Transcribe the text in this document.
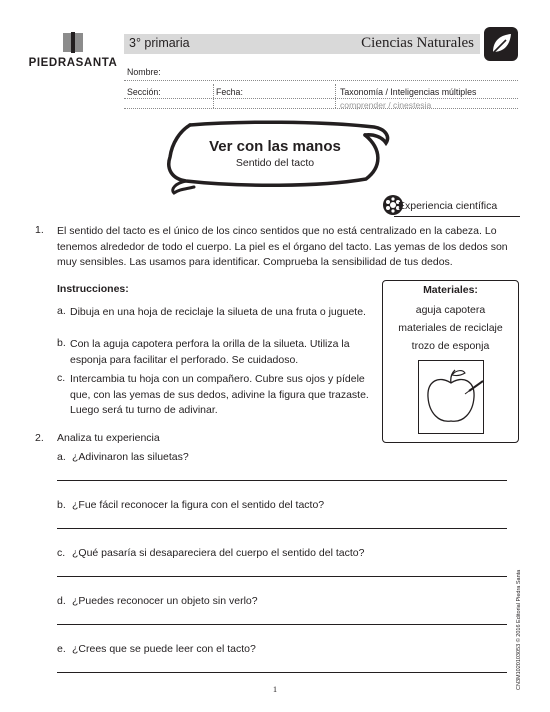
PIEDRASANTA
3° primaria	Ciencias Naturales
Nombre:
Sección:	Fecha:	Taxonomía / Inteligencias múltiples
comprender / cinestesia
Ver con las manos
Sentido del tacto
Experiencia científica
1. El sentido del tacto es el único de los cinco sentidos que no está centralizado en la cabeza. Lo tenemos alrededor de todo el cuerpo. La piel es el órgano del tacto. Las yemas de los dedos son muy sensibles. Las usamos para identificar. Comprueba la sensibilidad de tus dedos.
Instrucciones:
a. Dibuja en una hoja de reciclaje la silueta de una fruta o juguete.
b. Con la aguja capotera perfora la orilla de la silueta. Utiliza la esponja para facilitar el perforado. Se cuidadoso.
c. Intercambia tu hoja con un compañero. Cubre sus ojos y pídele que, con las yemas de sus dedos, adivine la figura que trazaste. Luego será tu turno de adivinar.
Materiales:
aguja capotera
materiales de reciclaje
trozo de esponja
2. Analiza tu experiencia
a. ¿Adivinaron las siluetas?
b. ¿Fue fácil reconocer la figura con el sentido del tacto?
c. ¿Qué pasaría si desapareciera del cuerpo el sentido del tacto?
d. ¿Puedes reconocer un objeto sin verlo?
e. ¿Crees que se puede leer con el tacto?	CN3M1020103053 © 2016 Editorial Piedra Santa
1
